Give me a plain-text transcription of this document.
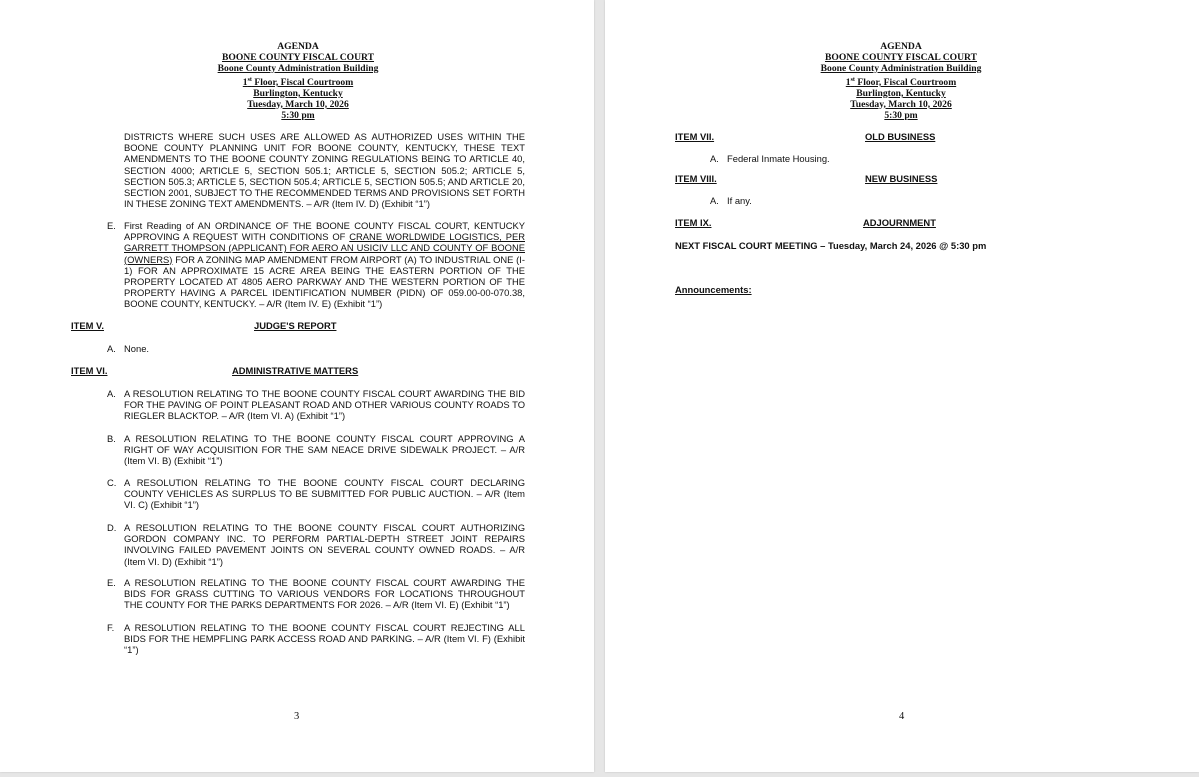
AGENDA
BOONE COUNTY FISCAL COURT
Boone County Administration Building
1st Floor, Fiscal Courtroom
Burlington, Kentucky
Tuesday, March 10, 2026
5:30 pm
DISTRICTS WHERE SUCH USES ARE ALLOWED AS AUTHORIZED USES WITHIN THE BOONE COUNTY PLANNING UNIT FOR BOONE COUNTY, KENTUCKY, THESE TEXT AMENDMENTS TO THE BOONE COUNTY ZONING REGULATIONS BEING TO ARTICLE 40, SECTION 4000; ARTICLE 5, SECTION 505.1; ARTICLE 5, SECTION 505.2; ARTICLE 5, SECTION 505.3; ARTICLE 5, SECTION 505.4; ARTICLE 5, SECTION 505.5; AND ARTICLE 20, SECTION 2001, SUBJECT TO THE RECOMMENDED TERMS AND PROVISIONS SET FORTH IN THESE ZONING TEXT AMENDMENTS. – A/R (Item IV. D) (Exhibit “1”)
E. First Reading of AN ORDINANCE OF THE BOONE COUNTY FISCAL COURT, KENTUCKY APPROVING A REQUEST WITH CONDITIONS OF CRANE WORLDWIDE LOGISTICS, PER GARRETT THOMPSON (APPLICANT) FOR AERO AN USICIV LLC AND COUNTY OF BOONE (OWNERS) FOR A ZONING MAP AMENDMENT FROM AIRPORT (A) TO INDUSTRIAL ONE (I-1) FOR AN APPROXIMATE 15 ACRE AREA BEING THE EASTERN PORTION OF THE PROPERTY LOCATED AT 4805 AERO PARKWAY AND THE WESTERN PORTION OF THE PROPERTY HAVING A PARCEL IDENTIFICATION NUMBER (PIDN) OF 059.00-00-070.38, BOONE COUNTY, KENTUCKY. – A/R (Item IV. E) (Exhibit “1”)
ITEM V.	JUDGE'S REPORT
A. None.
ITEM VI.	ADMINISTRATIVE MATTERS
A. A RESOLUTION RELATING TO THE BOONE COUNTY FISCAL COURT AWARDING THE BID FOR THE PAVING OF POINT PLEASANT ROAD AND OTHER VARIOUS COUNTY ROADS TO RIEGLER BLACKTOP. – A/R (Item VI. A) (Exhibit “1”)
B. A RESOLUTION RELATING TO THE BOONE COUNTY FISCAL COURT APPROVING A RIGHT OF WAY ACQUISITION FOR THE SAM NEACE DRIVE SIDEWALK PROJECT. – A/R (Item VI. B) (Exhibit “1”)
C. A RESOLUTION RELATING TO THE BOONE COUNTY FISCAL COURT DECLARING COUNTY VEHICLES AS SURPLUS TO BE SUBMITTED FOR PUBLIC AUCTION. – A/R (Item VI. C) (Exhibit “1”)
D. A RESOLUTION RELATING TO THE BOONE COUNTY FISCAL COURT AUTHORIZING GORDON COMPANY INC. TO PERFORM PARTIAL-DEPTH STREET JOINT REPAIRS INVOLVING FAILED PAVEMENT JOINTS ON SEVERAL COUNTY OWNED ROADS. – A/R (Item VI. D) (Exhibit “1”)
E. A RESOLUTION RELATING TO THE BOONE COUNTY FISCAL COURT AWARDING THE BIDS FOR GRASS CUTTING TO VARIOUS VENDORS FOR LOCATIONS THROUGHOUT THE COUNTY FOR THE PARKS DEPARTMENTS FOR 2026. – A/R (Item VI. E) (Exhibit “1”)
F. A RESOLUTION RELATING TO THE BOONE COUNTY FISCAL COURT REJECTING ALL BIDS FOR THE HEMPFLING PARK ACCESS ROAD AND PARKING. – A/R (Item VI. F) (Exhibit “1”)
3
AGENDA
BOONE COUNTY FISCAL COURT
Boone County Administration Building
1st Floor, Fiscal Courtroom
Burlington, Kentucky
Tuesday, March 10, 2026
5:30 pm
ITEM VII.	OLD BUSINESS
A. Federal Inmate Housing.
ITEM VIII.	NEW BUSINESS
A. If any.
ITEM IX.	ADJOURNMENT
NEXT FISCAL COURT MEETING – Tuesday, March 24, 2026 @ 5:30 pm
Announcements:
4
